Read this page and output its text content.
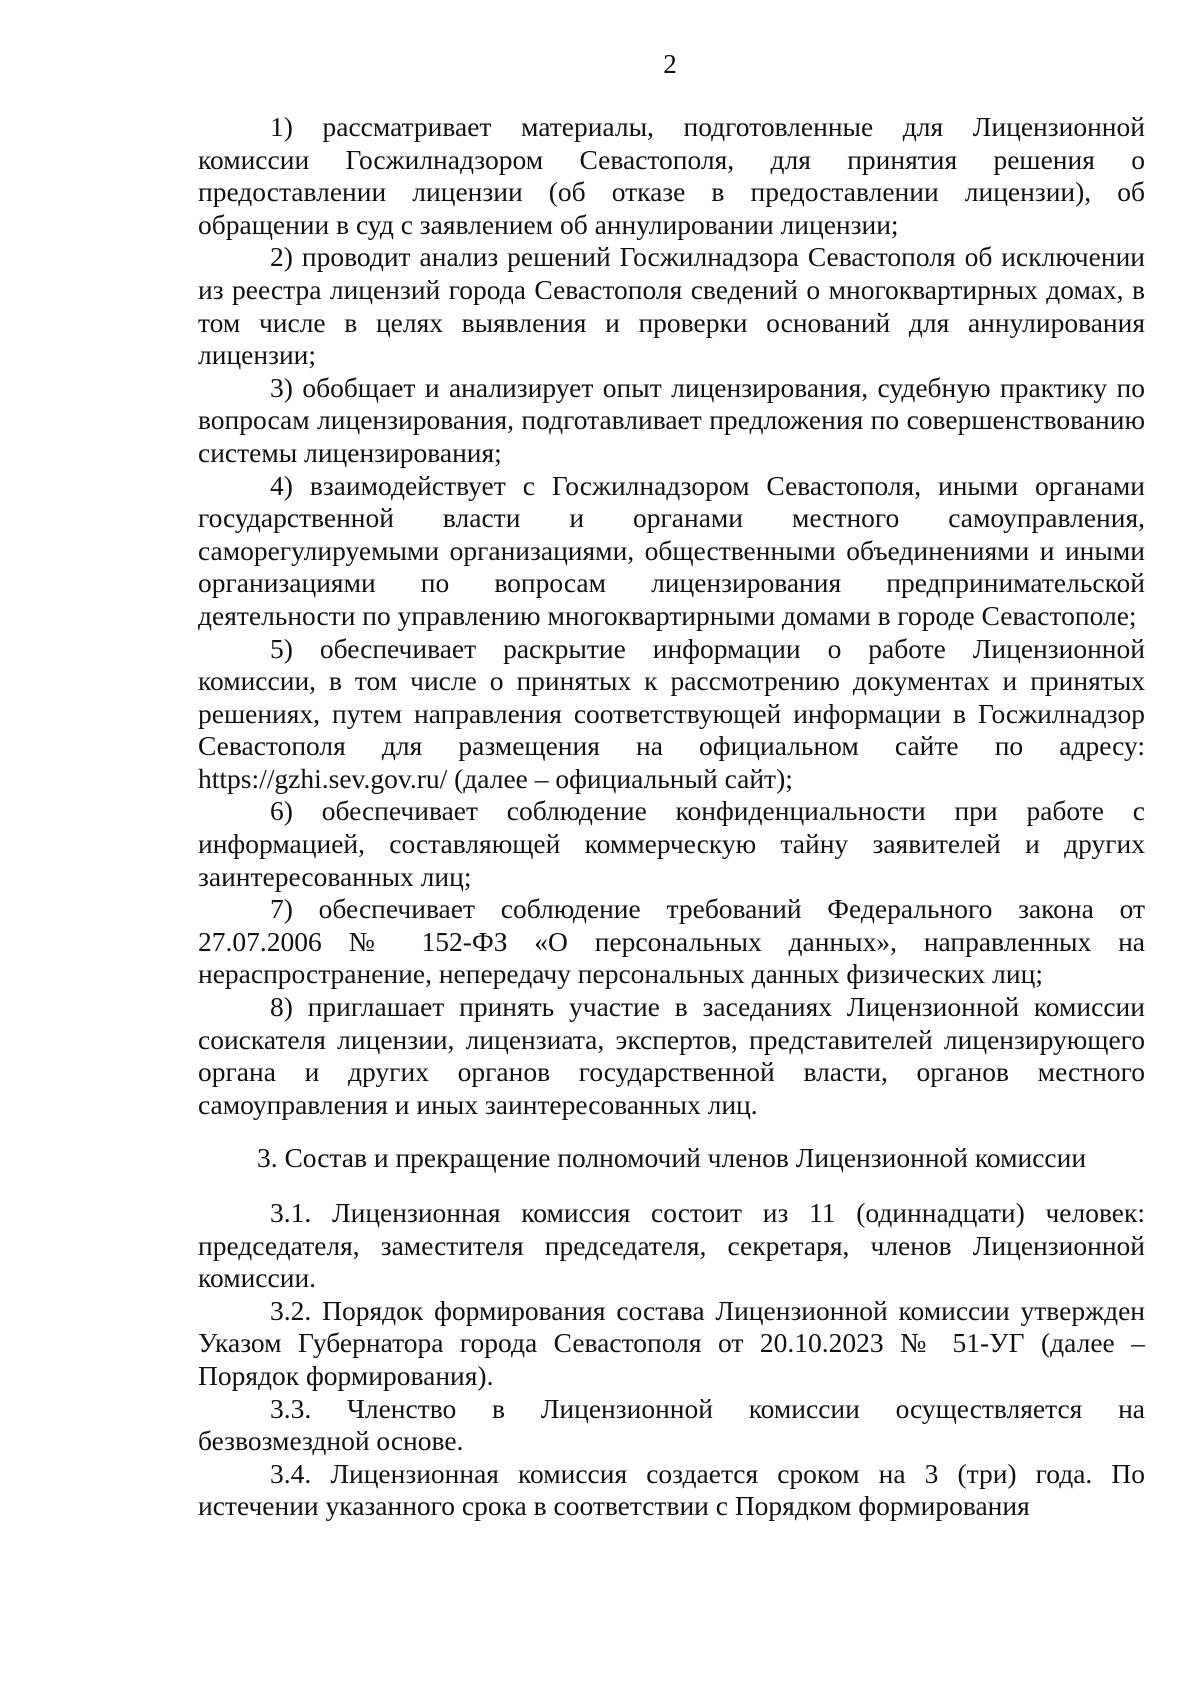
2

1) рассматривает материалы, подготовленные для Лицензионной комиссии Госжилнадзором Севастополя, для принятия решения о предоставлении лицензии (об отказе в предоставлении лицензии), об обращении в суд с заявлением об аннулировании лицензии;

2) проводит анализ решений Госжилнадзора Севастополя об исключении из реестра лицензий города Севастополя сведений о многоквартирных домах, в том числе в целях выявления и проверки оснований для аннулирования лицензии;

3) обобщает и анализирует опыт лицензирования, судебную практику по вопросам лицензирования, подготавливает предложения по совершенствованию системы лицензирования;

4) взаимодействует с Госжилнадзором Севастополя, иными органами государственной власти и органами местного самоуправления, саморегулируемыми организациями, общественными объединениями и иными организациями по вопросам лицензирования предпринимательской деятельности по управлению многоквартирными домами в городе Севастополе;

5) обеспечивает раскрытие информации о работе Лицензионной комиссии, в том числе о принятых к рассмотрению документах и принятых решениях, путем направления соответствующей информации в Госжилнадзор Севастополя для размещения на официальном сайте по адресу: https://gzhi.sev.gov.ru/ (далее – официальный сайт);

6) обеспечивает соблюдение конфиденциальности при работе с информацией, составляющей коммерческую тайну заявителей и других заинтересованных лиц;

7) обеспечивает соблюдение требований Федерального закона от 27.07.2006 № 152-ФЗ «О персональных данных», направленных на нераспространение, непередачу персональных данных физических лиц;

8) приглашает принять участие в заседаниях Лицензионной комиссии соискателя лицензии, лицензиата, экспертов, представителей лицензирующего органа и других органов государственной власти, органов местного самоуправления и иных заинтересованных лиц.

3. Состав и прекращение полномочий членов Лицензионной комиссии

3.1. Лицензионная комиссия состоит из 11 (одиннадцати) человек: председателя, заместителя председателя, секретаря, членов Лицензионной комиссии.

3.2. Порядок формирования состава Лицензионной комиссии утвержден Указом Губернатора города Севастополя от 20.10.2023 № 51-УГ (далее – Порядок формирования).

3.3. Членство в Лицензионной комиссии осуществляется на безвозмездной основе.

3.4. Лицензионная комиссия создается сроком на 3 (три) года. По истечении указанного срока в соответствии с Порядком формирования
